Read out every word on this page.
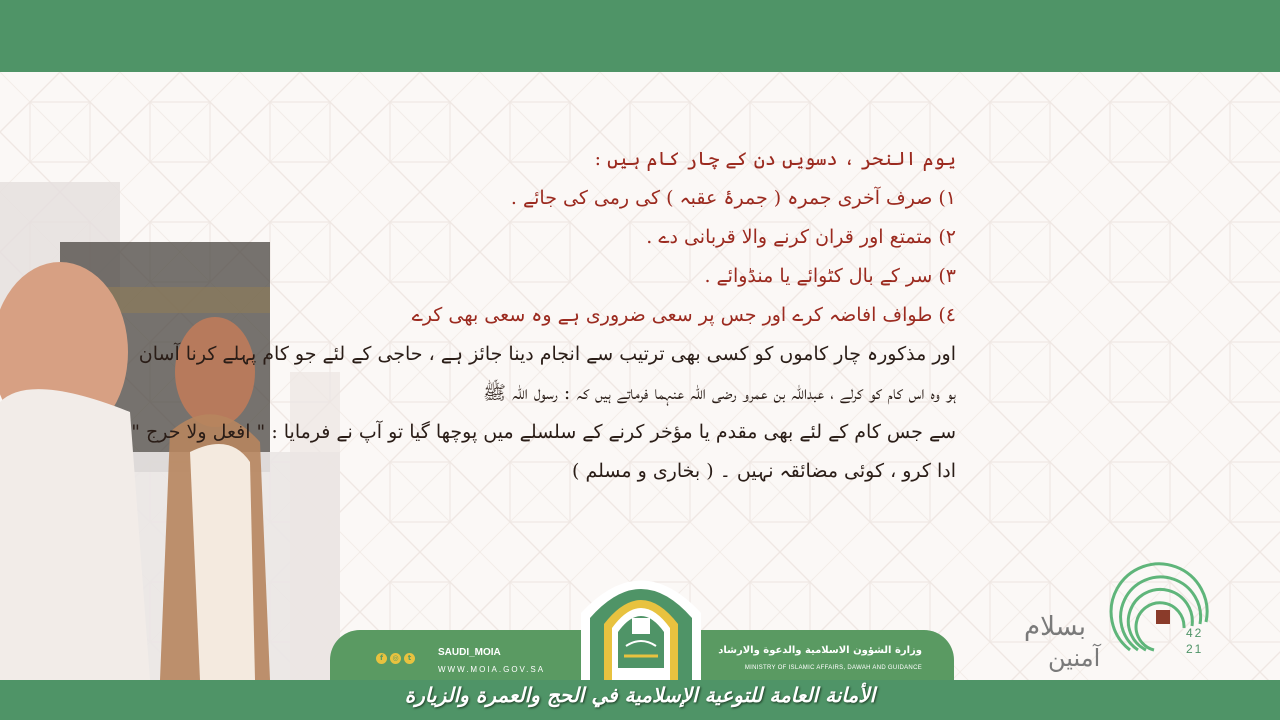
يوم النحر ، دسویں دن کے چار کام ہیں :
۱) صرف آخری جمرہ ( جمرۂ عقبہ ) کی رمی کی جائے .
۲) متمتع اور قران کرنے والا قربانی دے .
۳) سر کے بال کٹوائے یا منڈوائے .
٤) طواف افاضہ کرے اور جس پر سعی ضروری ہے وہ سعی بھی کرے
اور مذکورہ چار کاموں کو کسی بھی ترتیب سے انجام دینا جائز ہے ، حاجی کے لئے جو کام پہلے کرنا آسان
ہو وہ اس کام کو کرلے ، عبداللہ بن عمرو رضی اللہ عنہما فرماتے ہیں کہ : رسول اللہ ﷺ
سے جس کام کے لئے بھی مقدم یا مؤخر کرنے کے سلسلے میں پوچھا گیا تو آپ نے فرمایا : " افعل ولا حرج "
ادا کرو ، کوئی مضائقہ نہیں ۔ ( بخاری و مسلم )
f	◎	t	SAUDI_MOIA
WWW.MOIA.GOV.SA
وزارة الشؤون الاسلامية والدعوة والارشاد
MINISTRY OF ISLAMIC AFFAIRS, DAWAH AND GUIDANCE
بسلام
آمنين
42
21
الأمانة العامة للتوعية الإسلامية في الحج والعمرة والزيارة
